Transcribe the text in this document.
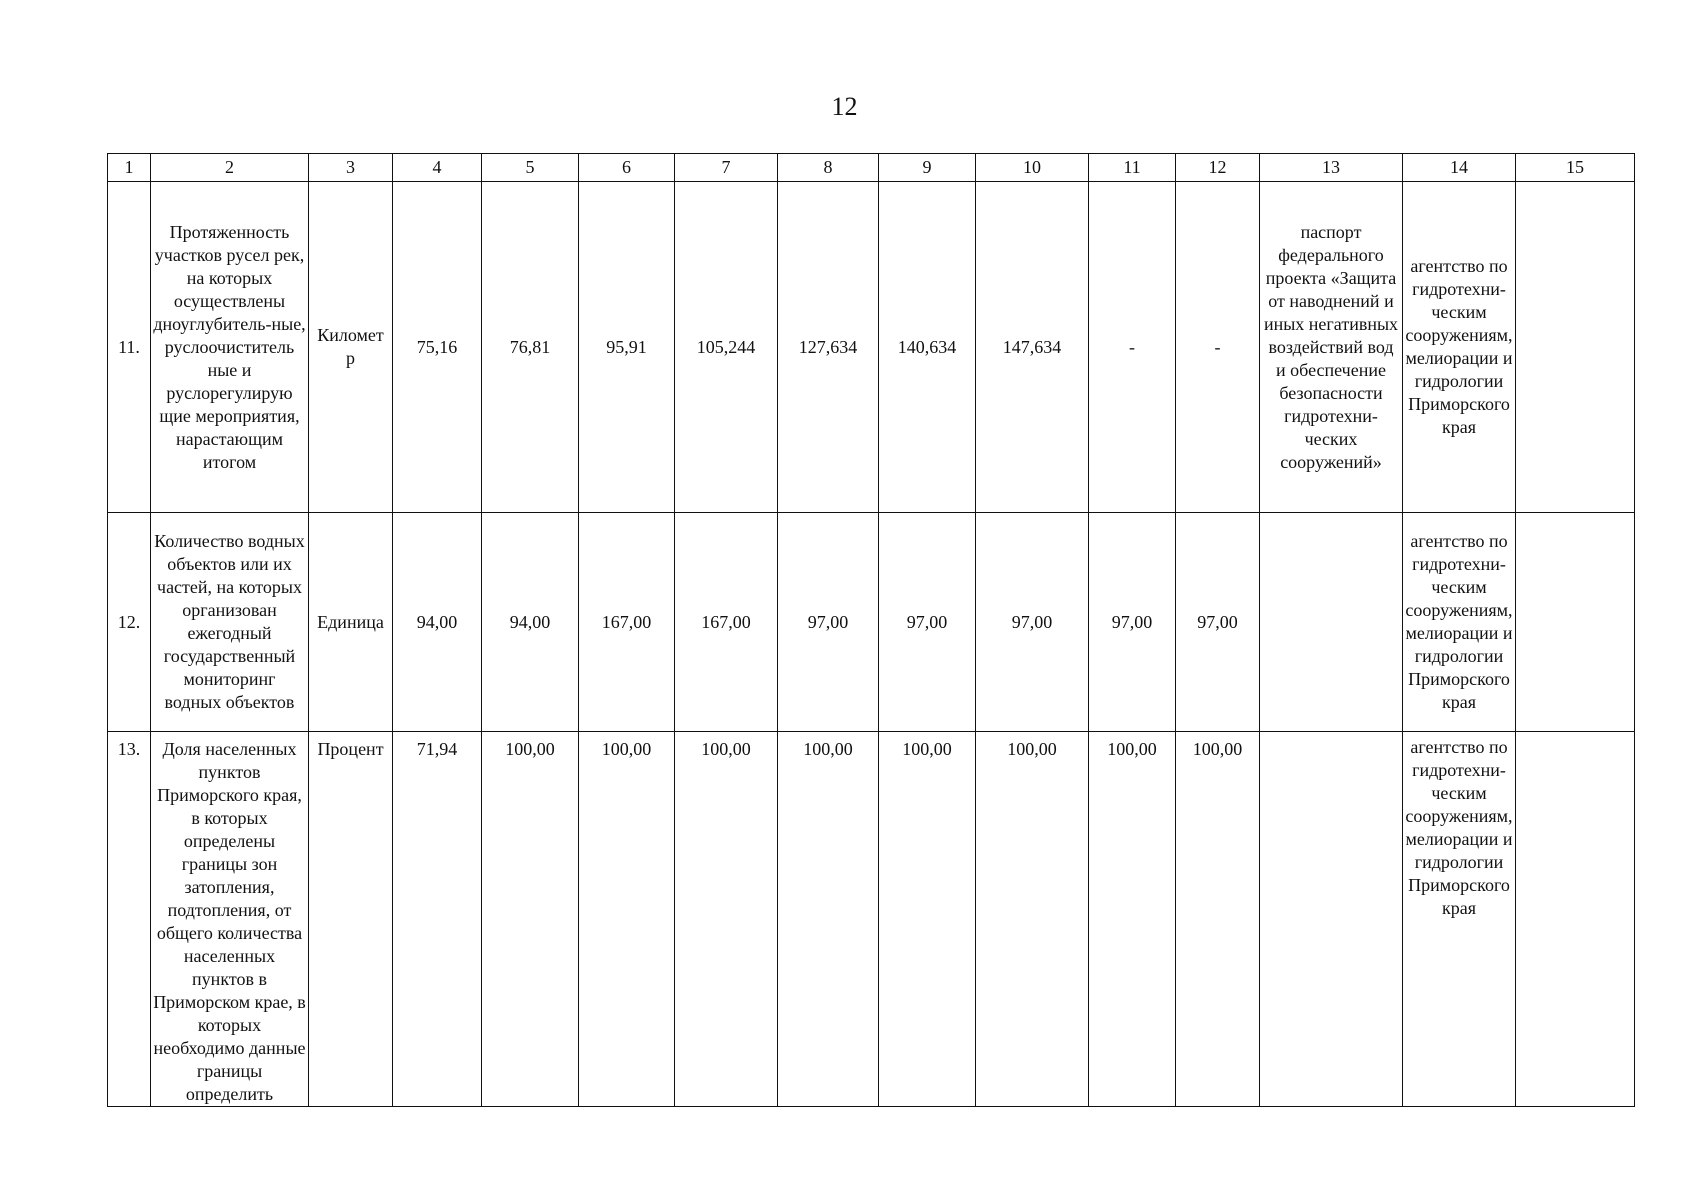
12
1	2	3	4	5	6	7	8	9	10	11	12	13	14	15
11.	Протяженность участков русел рек, на которых осуществлены дноуглубитель-ные, руслоочиститель ные и руслорегулирую щие мероприятия, нарастающим итогом	Километ р	75,16	76,81	95,91	105,244	127,634	140,634	147,634	-	-	паспорт федерального проекта «Защита от наводнений и иных негативных воздействий вод и обеспечение безопасности гидротехни-ческих сооружений»	агентство по гидротехни-ческим сооружениям, мелиорации и гидрологии Приморского края	
12.	Количество водных объектов или их частей, на которых организован ежегодный государственный мониторинг водных объектов	Единица	94,00	94,00	167,00	167,00	97,00	97,00	97,00	97,00	97,00		агентство по гидротехни-ческим сооружениям, мелиорации и гидрологии Приморского края	
13.	Доля населенных пунктов Приморского края, в которых определены границы зон затопления, подтопления, от общего количества населенных пунктов в Приморском крае, в которых необходимо данные границы определить	Процент	71,94	100,00	100,00	100,00	100,00	100,00	100,00	100,00	100,00		агентство по гидротехни-ческим сооружениям, мелиорации и гидрологии Приморского края	
